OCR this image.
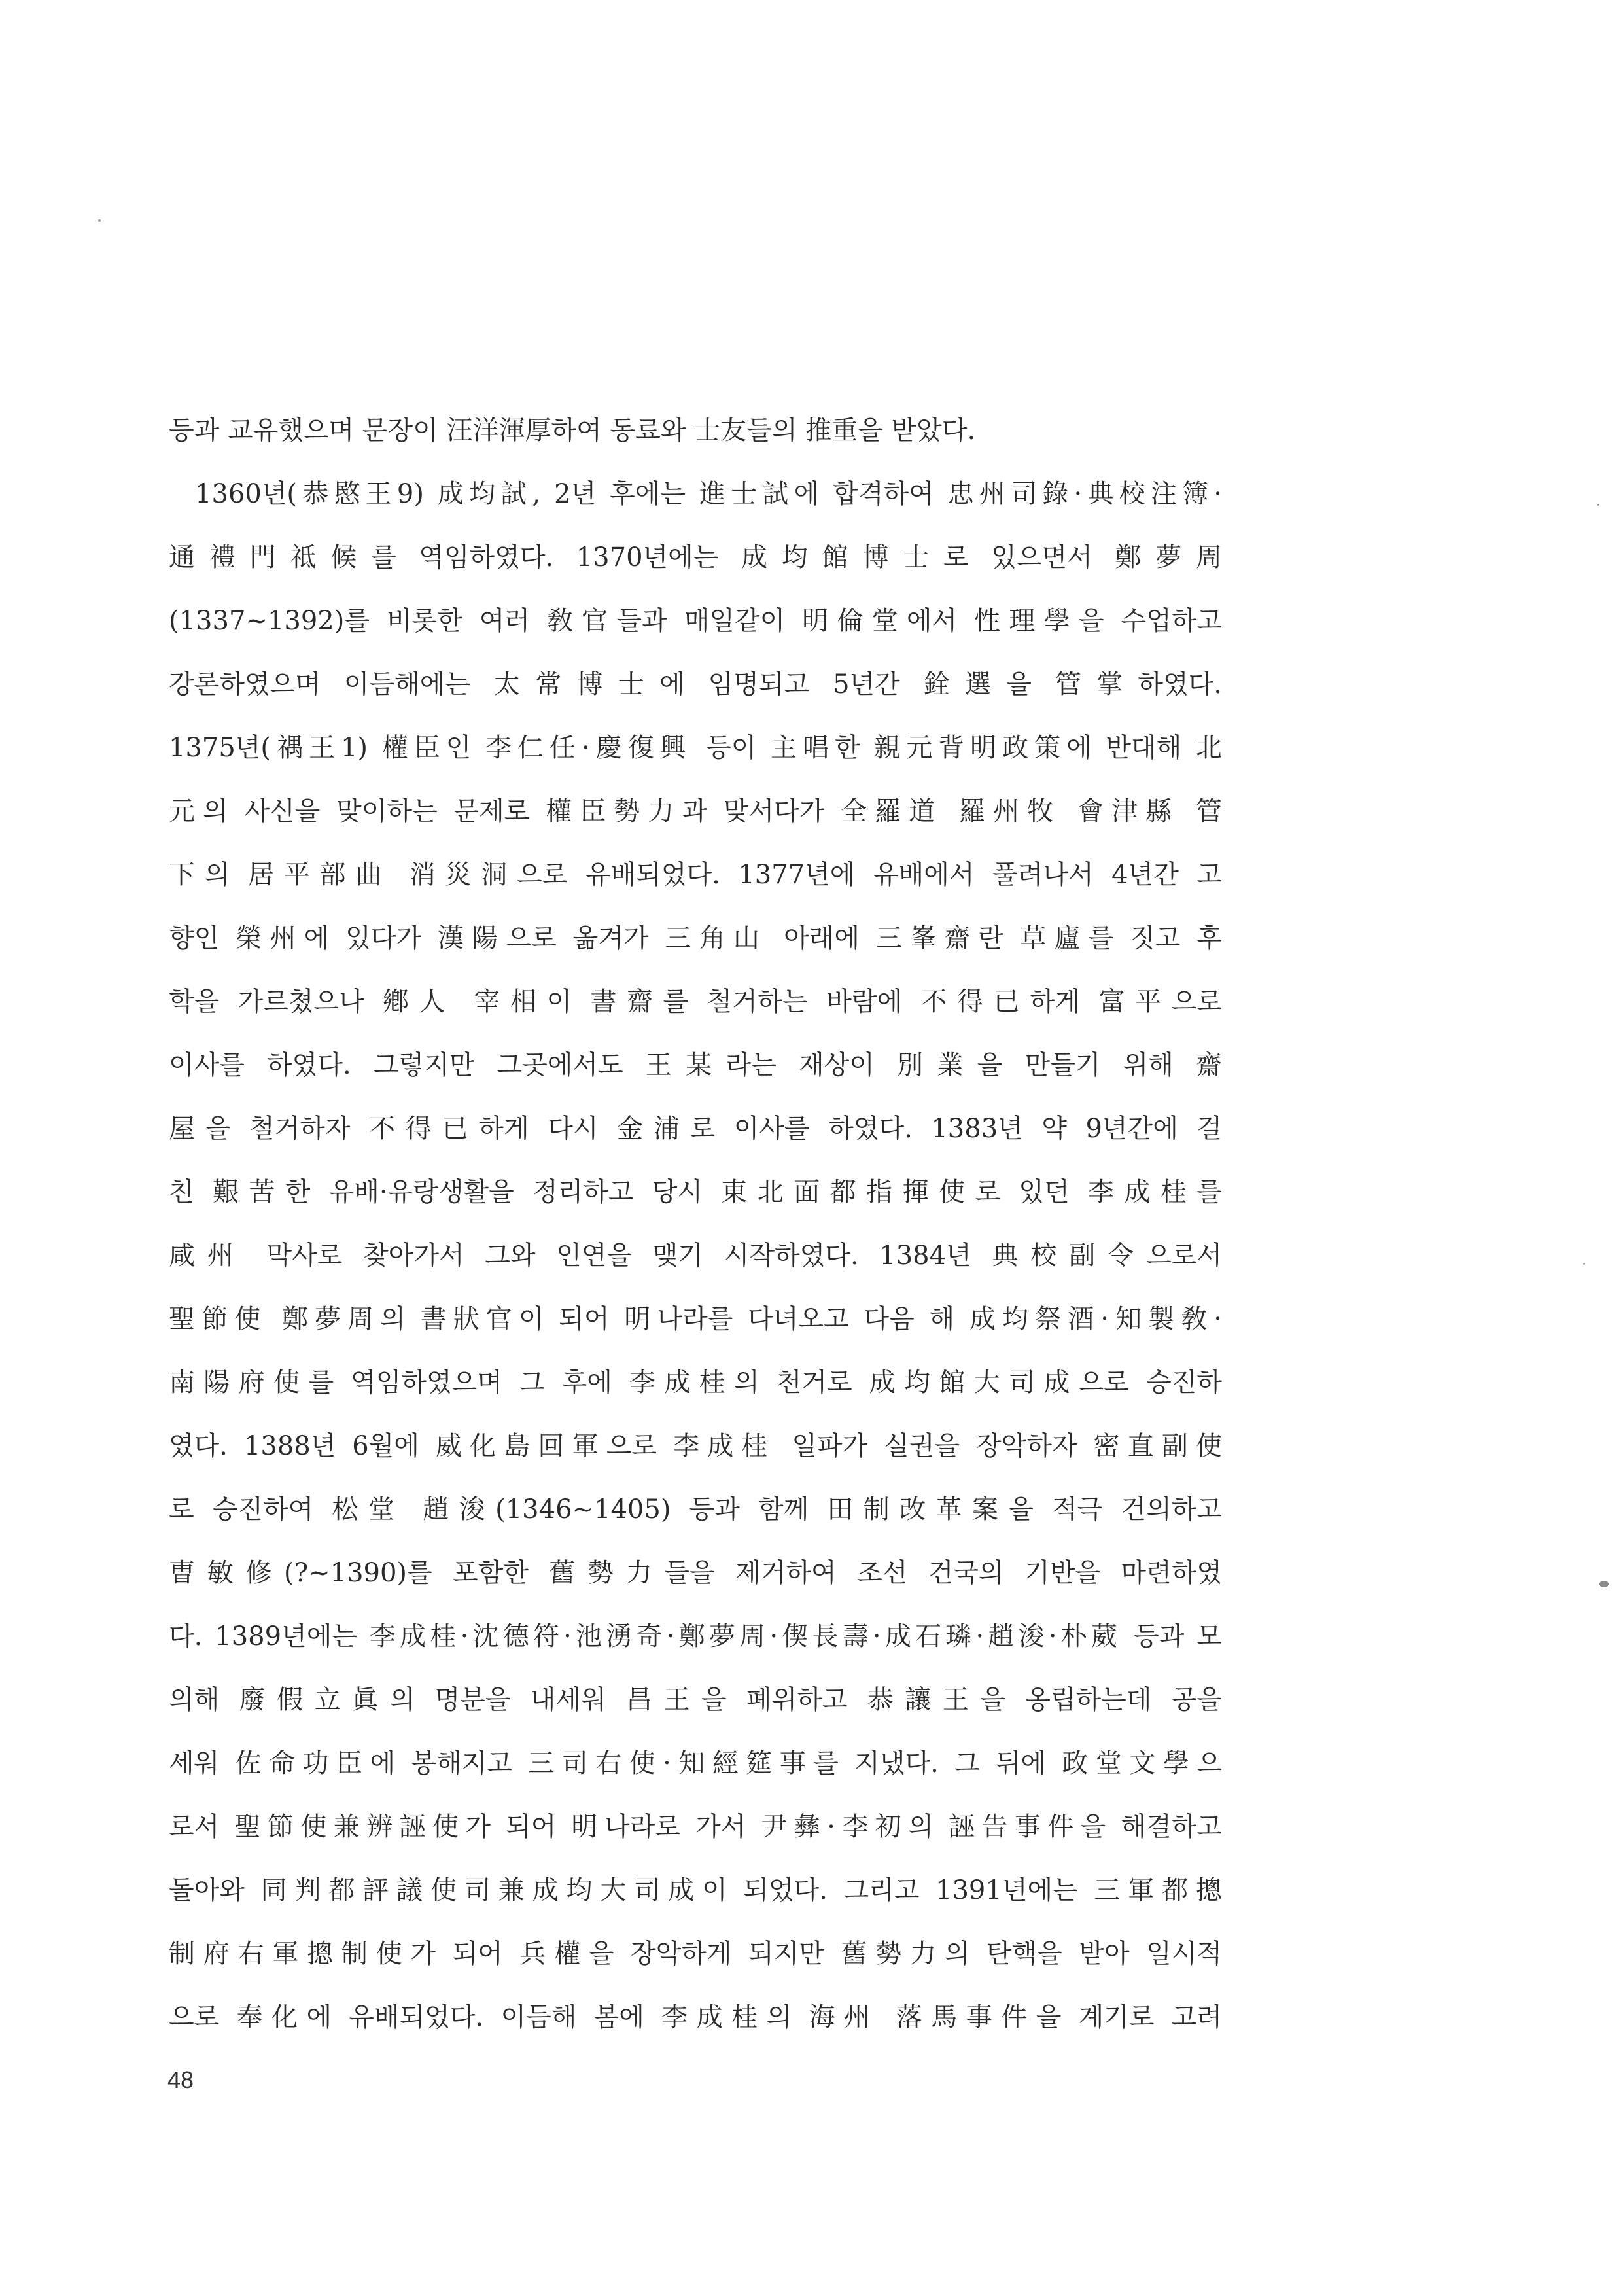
등과 교유했으며 문장이 汪洋渾厚하여 동료와 士友들의 推重을 받았다.
1360년(恭愍王9) 成均試, 2년 후에는 進士試에 합격하여 忠州司錄·典校注簿·
通禮門祗候를 역임하였다. 1370년에는 成均館博士로 있으면서 鄭夢周
(1337~1392)를 비롯한 여러 敎官들과 매일같이 明倫堂에서 性理學을 수업하고
강론하였으며 이듬해에는 太常博士에 임명되고 5년간 銓選을 管掌하였다.
1375년(禑王1) 權臣인 李仁任·慶復興 등이 主唱한 親元背明政策에 반대해 北
元의 사신을 맞이하는 문제로 權臣勢力과 맞서다가 全羅道 羅州牧 會津縣 管
下의 居平部曲 消災洞으로 유배되었다. 1377년에 유배에서 풀려나서 4년간 고
향인 榮州에 있다가 漢陽으로 옮겨가 三角山 아래에 三峯齋란 草廬를 짓고 후
학을 가르쳤으나 鄕人 宰相이 書齋를 철거하는 바람에 不得已하게 富平으로
이사를 하였다. 그렇지만 그곳에서도 王某라는 재상이 別業을 만들기 위해 齋
屋을 철거하자 不得已하게 다시 金浦로 이사를 하였다. 1383년 약 9년간에 걸
친 艱苦한 유배·유랑생활을 정리하고 당시 東北面都指揮使로 있던 李成桂를
咸州 막사로 찾아가서 그와 인연을 맺기 시작하였다. 1384년 典校副令으로서
聖節使 鄭夢周의 書狀官이 되어 明나라를 다녀오고 다음 해 成均祭酒·知製敎·
南陽府使를 역임하였으며 그 후에 李成桂의 천거로 成均館大司成으로 승진하
였다. 1388년 6월에 威化島回軍으로 李成桂 일파가 실권을 장악하자 密直副使
로 승진하여 松堂 趙浚(1346~1405) 등과 함께 田制改革案을 적극 건의하고
曺敏修(?~1390)를 포함한 舊勢力들을 제거하여 조선 건국의 기반을 마련하였
다. 1389년에는 李成桂·沈德符·池湧奇·鄭夢周·偰長壽·成石璘·趙浚·朴葳 등과 모
의해 廢假立眞의 명분을 내세워 昌王을 폐위하고 恭讓王을 옹립하는데 공을
세워 佐命功臣에 봉해지고 三司右使·知經筵事를 지냈다. 그 뒤에 政堂文學으
로서 聖節使兼辨誣使가 되어 明나라로 가서 尹彝·李初의 誣告事件을 해결하고
돌아와 同判都評議使司兼成均大司成이 되었다. 그리고 1391년에는 三軍都摠
制府右軍摠制使가 되어 兵權을 장악하게 되지만 舊勢力의 탄핵을 받아 일시적
으로 奉化에 유배되었다. 이듬해 봄에 李成桂의 海州 落馬事件을 계기로 고려
48
